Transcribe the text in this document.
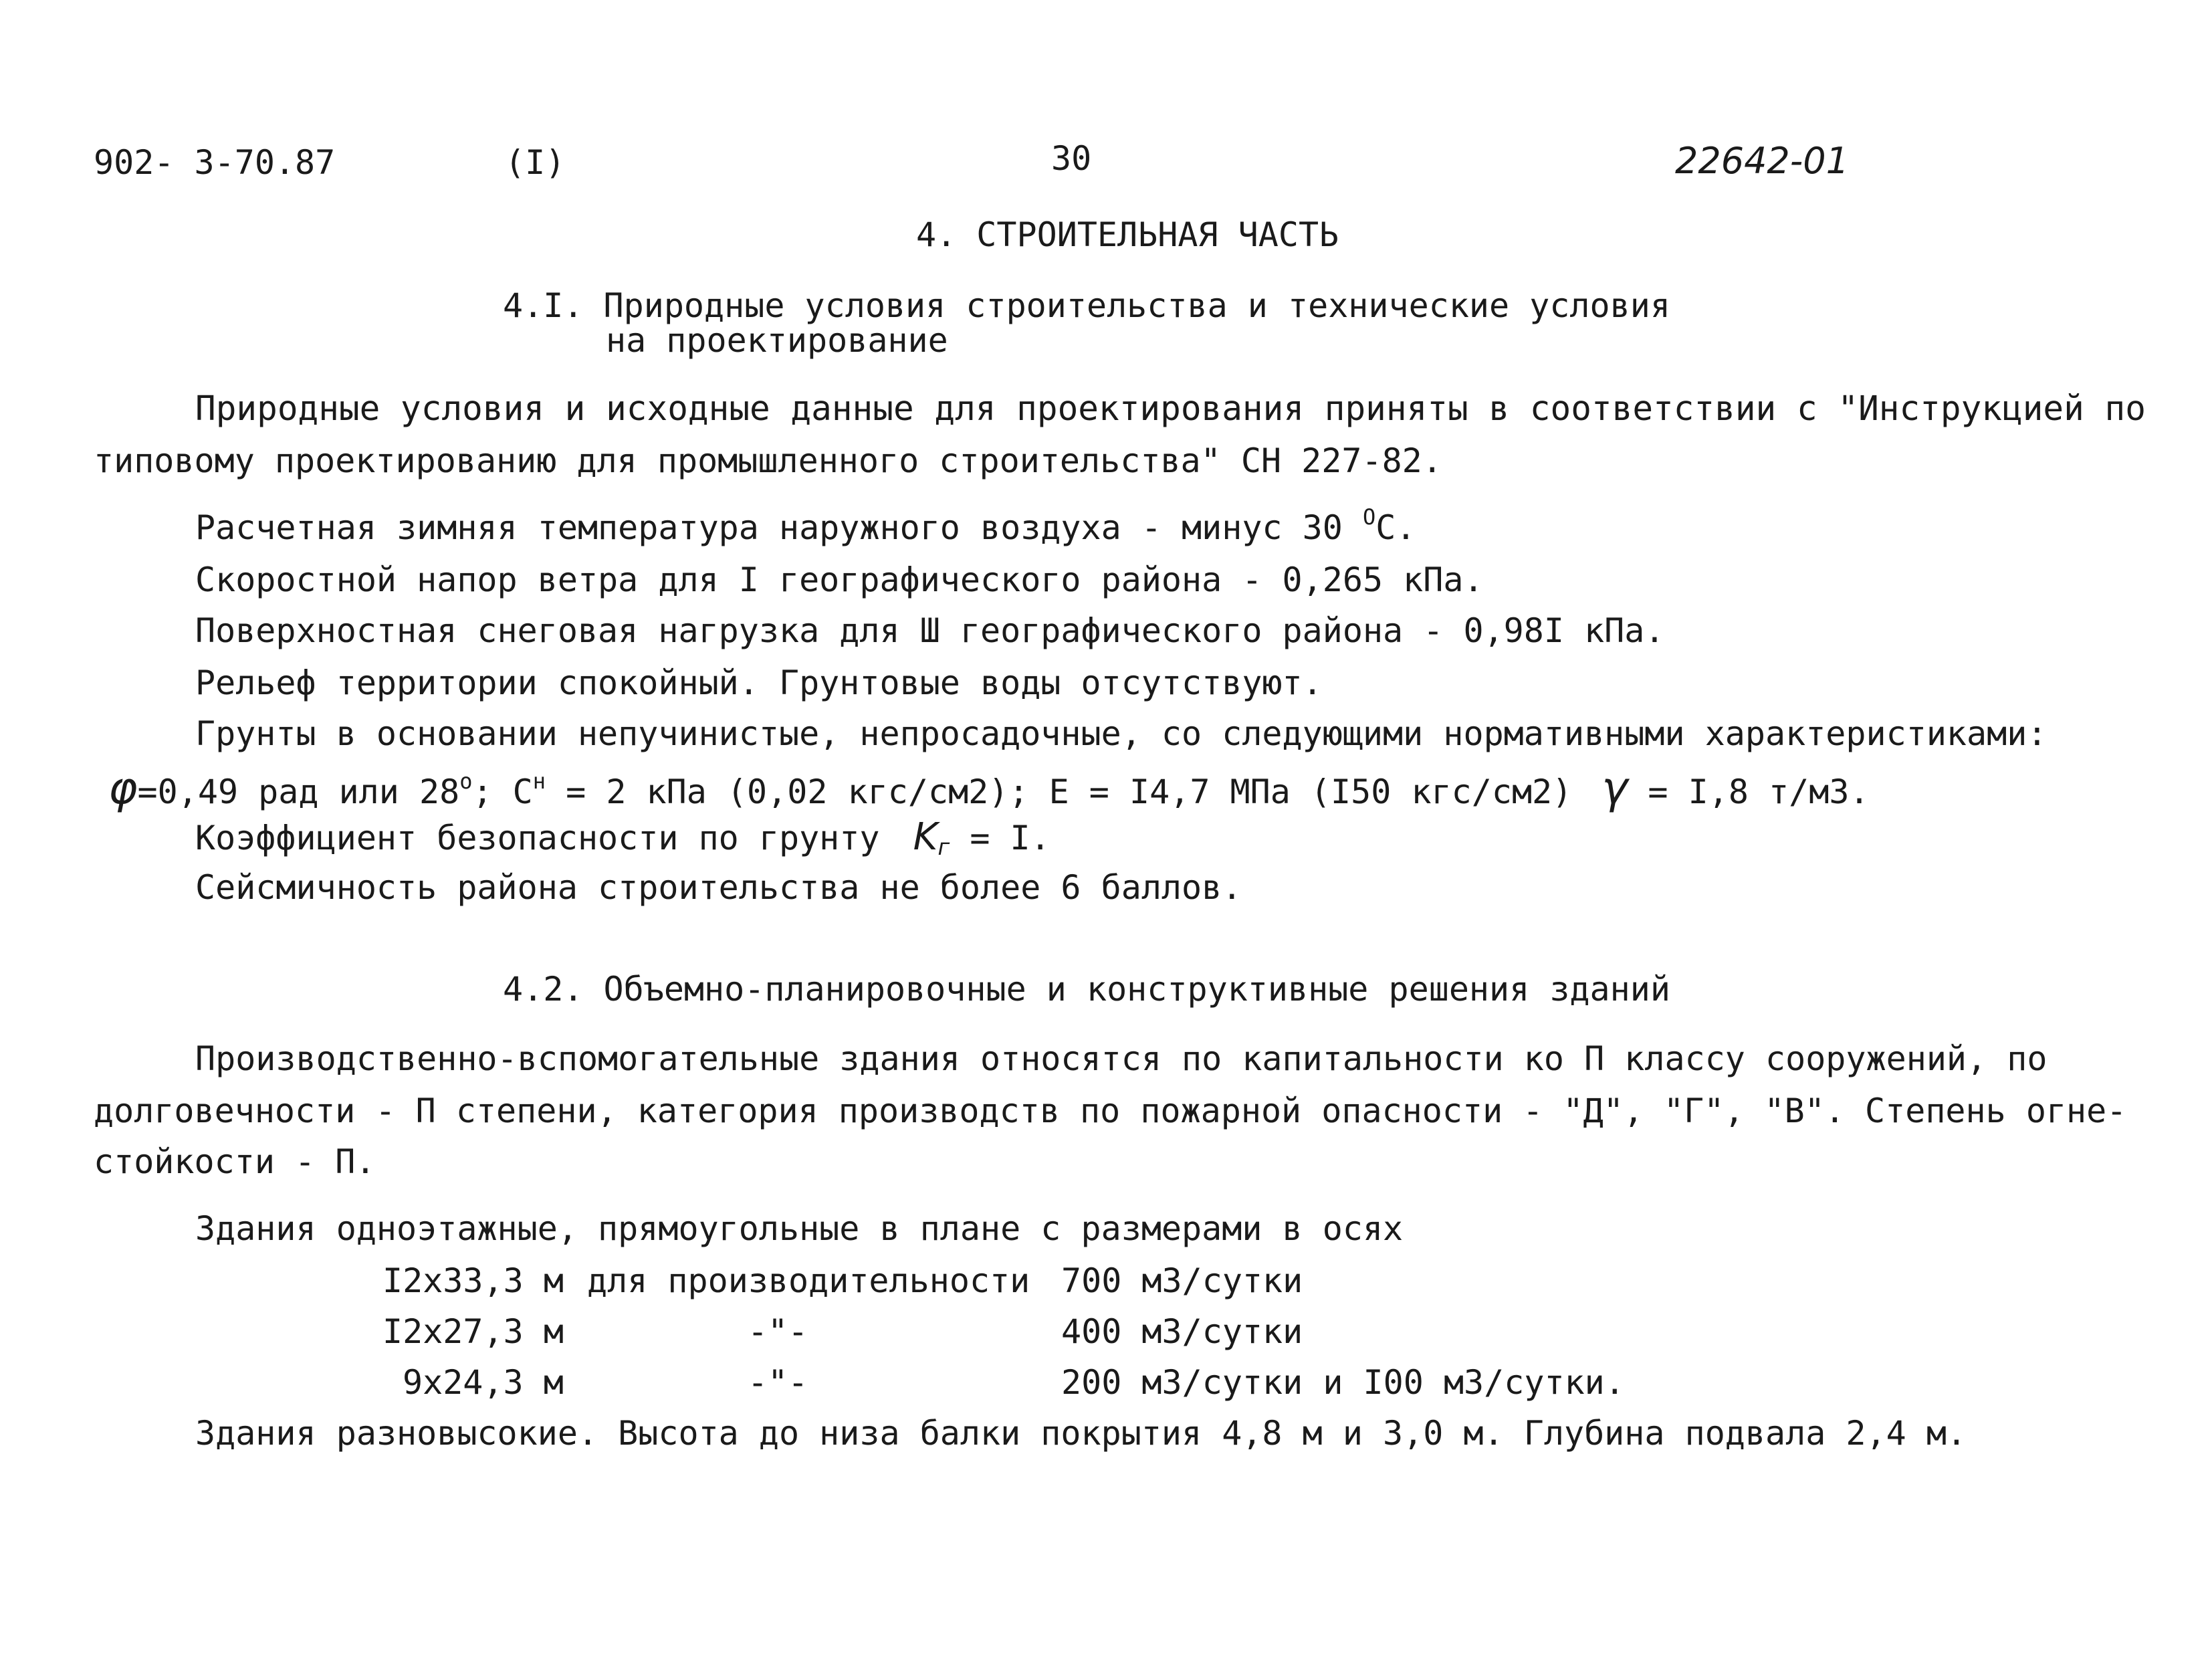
902- 3-70.87	(I)	30	22642-01
4. СТРОИТЕЛЬНАЯ ЧАСТЬ
4.I. Природные условия строительства и технические условия
на проектирование
Природные условия и исходные данные для проектирования приняты в соответствии с "Инструкцией по
типовому проектированию для промышленного строительства" СН 227-82.
Расчетная зимняя температура наружного воздуха - минус 30 $^O$С.
Скоростной напор ветра для I географического района - 0,265 кПа.
Поверхностная снеговая нагрузка для Ш географического района - 0,98I кПа.
Рельеф территории спокойный. Грунтовые воды отсутствуют.
Грунты в основании непучинистые, непросадочные, со следующими нормативными характеристиками:
φ=0,49 рад или 28$^o$; $C^н = 2$ кПа (0,02 кгс/см2); E = I4,7 МПа (I50 кгс/см2) γ = I,8 т/м3.
Коэффициент безопасности по грунту $K_г = I$.
Сейсмичность района строительства не более 6 баллов.
4.2. Объемно-планировочные и конструктивные решения зданий
Производственно-вспомогательные здания относятся по капитальности ко П классу сооружений, по
долговечности - П степени, категория производств по пожарной опасности - "Д", "Г", "В". Степень огне-
стойкости - П.
Здания одноэтажные, прямоугольные в плане с размерами в осях
I2x33,3 м для производительности 700 м3/сутки
I2x27,3 м	-"-	400 м3/сутки
9x24,3 м	-"-	200 м3/сутки и I00 м3/сутки.
Здания разновысокие. Высота до низа балки покрытия 4,8 м и 3,0 м. Глубина подвала 2,4 м.
